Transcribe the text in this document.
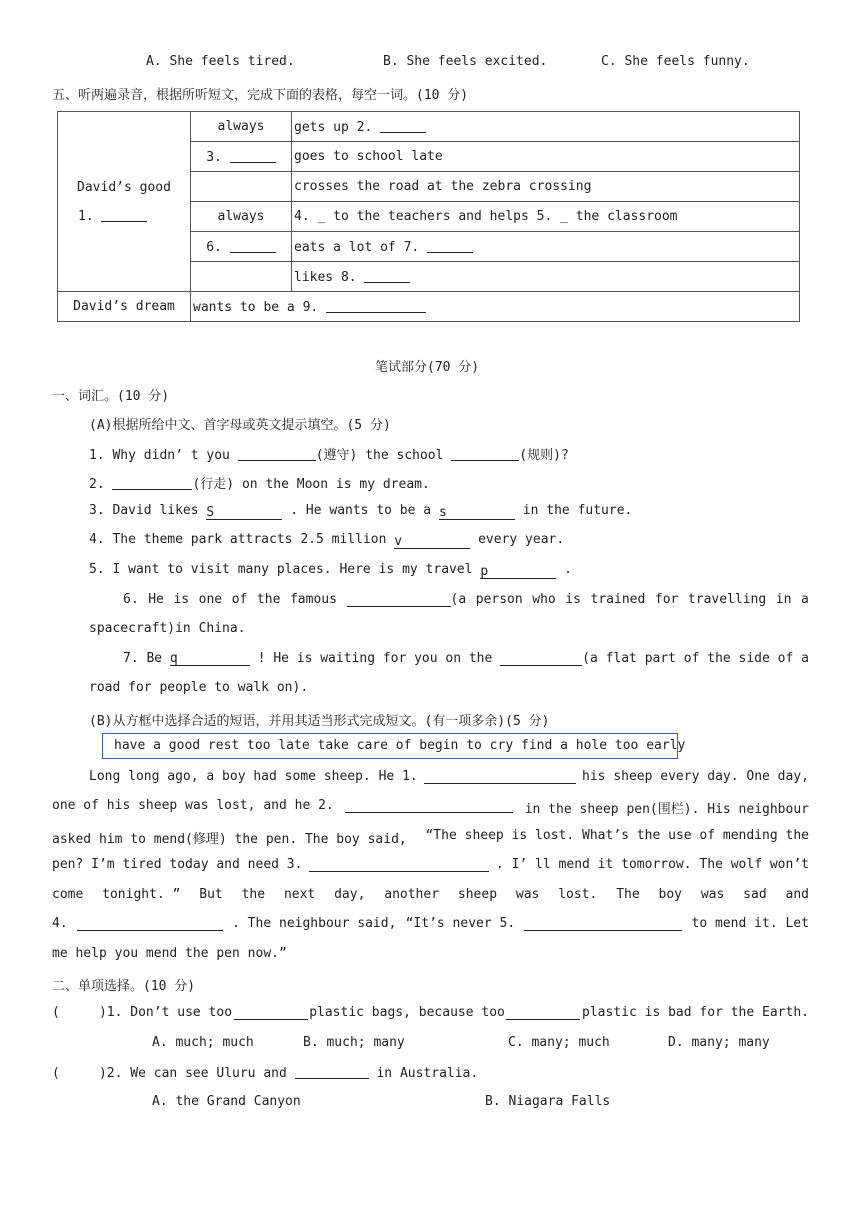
A. She feels tired.	B. She feels excited.	C. She feels funny.
五、听两遍录音，根据所听短文，完成下面的表格，每空一词。(10 分)
David’s good
1.	always	gets up 2.
	3.	goes to school late
		crosses the road at the zebra crossing
	always	4. _ to the teachers and helps 5. _ the classroom
	6.	eats a lot of 7.
		likes 8.
David’s dream	wants to be a 9.	
笔试部分(70 分)
一、词汇。(10 分)
(A)根据所给中文、首字母或英文提示填空。(5 分)
1. Why didn’ t you	(遵守) the school	(规则)?
2.	(行走) on the Moon is my dream.
3. David likes S	. He wants to be a s	in the future.
4. The theme park attracts 2.5 million v	every year.
5. I want to visit many places. Here is my travel p	.
6. He is one of the famous	(a person who is trained for travelling in a
spacecraft)in China.
7. Be q	! He is waiting for you on the	(a flat part of the side of a
road for people to walk on).
(B)从方框中选择合适的短语，并用其适当形式完成短文。(有一项多余)(5 分)
have a good rest too late take care of begin to cry find a hole too early
Long long ago, a boy had some sheep. He 1.	his sheep every day. One day,
one of his sheep was lost, and he 2.	in the sheep pen(围栏). His neighbour
asked him to mend(修理) the pen. The boy said, “The sheep is lost. What’s the use of mending the
pen? I’m tired today and need 3.	. I’ ll mend it tomorrow. The wolf won’t
come tonight. ” But the next day, another sheep was lost. The boy was sad and
4.	. The neighbour said, “It’s never 5.	to mend it. Let
me help you mend the pen now.”
二、单项选择。(10 分)
(	)1. Don’t use too	plastic bags, because too	plastic is bad for the Earth.
A. much; much	B. much; many	C. many; much	D. many; many
(	)2. We can see Uluru and	in Australia.
A. the Grand Canyon	B. Niagara Falls
